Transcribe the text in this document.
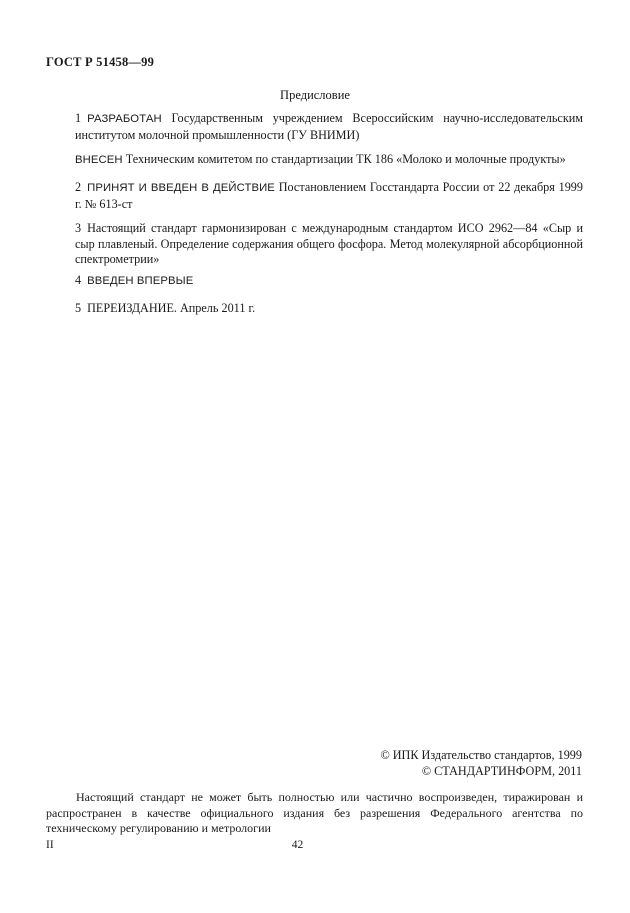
ГОСТ Р 51458—99
Предисловие
1 РАЗРАБОТАН Государственным учреждением Всероссийским научно-исследовательским институтом молочной промышленности (ГУ ВНИМИ)
ВНЕСЕН Техническим комитетом по стандартизации ТК 186 «Молоко и молочные продукты»
2 ПРИНЯТ И ВВЕДЕН В ДЕЙСТВИЕ Постановлением Госстандарта России от 22 декабря 1999 г. № 613-ст
3 Настоящий стандарт гармонизирован с международным стандартом ИСО 2962—84 «Сыр и сыр плавленый. Определение содержания общего фосфора. Метод молекулярной абсорбционной спектрометрии»
4 ВВЕДЕН ВПЕРВЫЕ
5 ПЕРЕИЗДАНИЕ. Апрель 2011 г.
© ИПК Издательство стандартов, 1999
© СТАНДАРТИНФОРМ, 2011
Настоящий стандарт не может быть полностью или частично воспроизведен, тиражирован и распространен в качестве официального издания без разрешения Федерального агентства по техническому регулированию и метрологии
II	42
